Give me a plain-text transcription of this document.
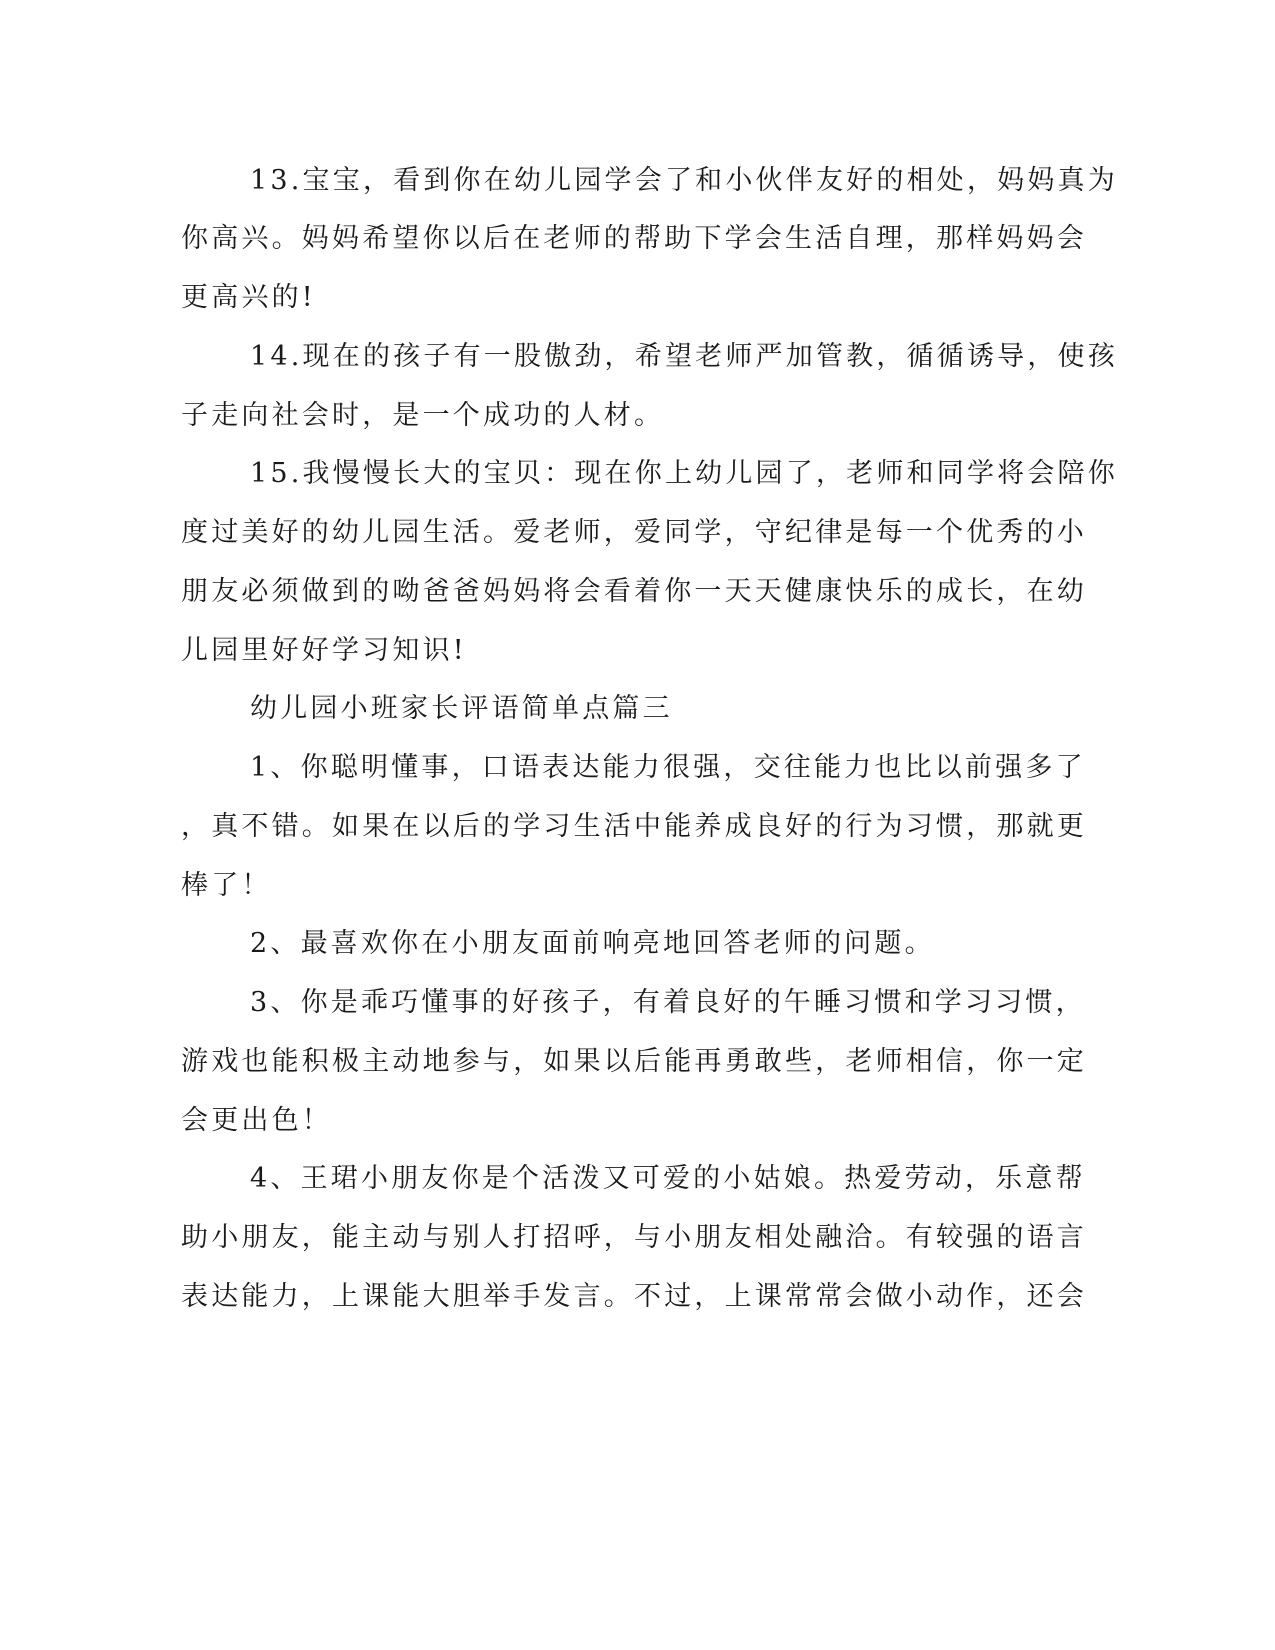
13.宝宝，看到你在幼儿园学会了和小伙伴友好的相处，妈妈真为
你高兴。妈妈希望你以后在老师的帮助下学会生活自理，那样妈妈会
更高兴的!
14.现在的孩子有一股傲劲，希望老师严加管教，循循诱导，使孩
子走向社会时，是一个成功的人材。
15.我慢慢长大的宝贝：现在你上幼儿园了，老师和同学将会陪你
度过美好的幼儿园生活。爱老师，爱同学，守纪律是每一个优秀的小
朋友必须做到的呦爸爸妈妈将会看着你一天天健康快乐的成长，在幼
儿园里好好学习知识!
幼儿园小班家长评语简单点篇三
1、你聪明懂事，口语表达能力很强，交往能力也比以前强多了
，真不错。如果在以后的学习生活中能养成良好的行为习惯，那就更
棒了！
2、最喜欢你在小朋友面前响亮地回答老师的问题。
3、你是乖巧懂事的好孩子，有着良好的午睡习惯和学习习惯，
游戏也能积极主动地参与，如果以后能再勇敢些，老师相信，你一定
会更出色！
4、王珺小朋友你是个活泼又可爱的小姑娘。热爱劳动，乐意帮
助小朋友，能主动与别人打招呼，与小朋友相处融洽。有较强的语言
表达能力，上课能大胆举手发言。不过，上课常常会做小动作，还会
